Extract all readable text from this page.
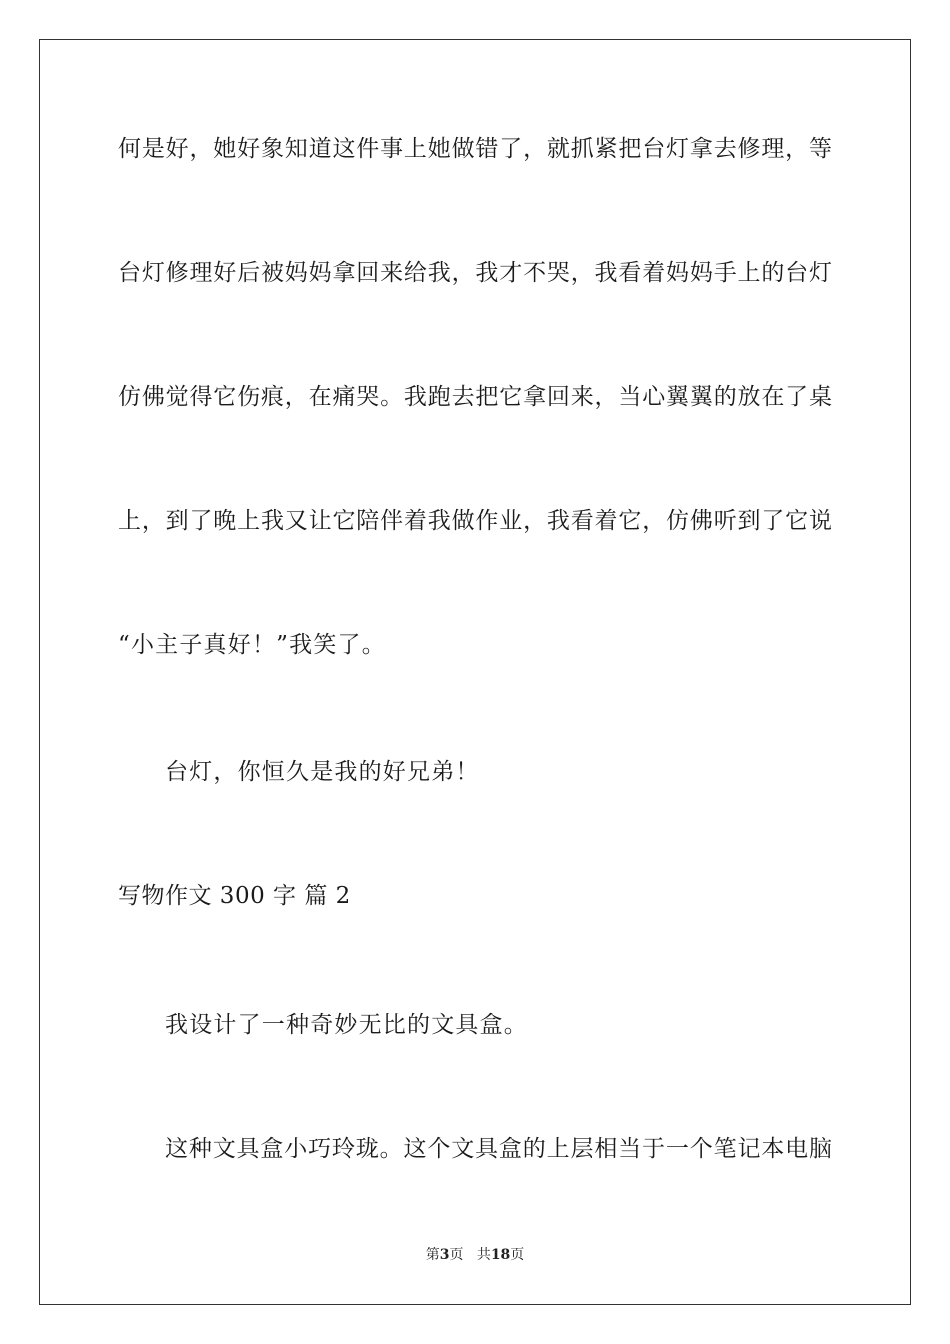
何是好，她好象知道这件事上她做错了，就抓紧把台灯拿去修理，等
台灯修理好后被妈妈拿回来给我，我才不哭，我看着妈妈手上的台灯
仿佛觉得它伤痕，在痛哭。我跑去把它拿回来，当心翼翼的放在了桌
上，到了晚上我又让它陪伴着我做作业，我看着它，仿佛听到了它说
“小主子真好！”我笑了。
台灯，你恒久是我的好兄弟！
写物作文 300 字 篇 2
我设计了一种奇妙无比的文具盒。
这种文具盒小巧玲珑。这个文具盒的上层相当于一个笔记本电脑
第3页 共18页
